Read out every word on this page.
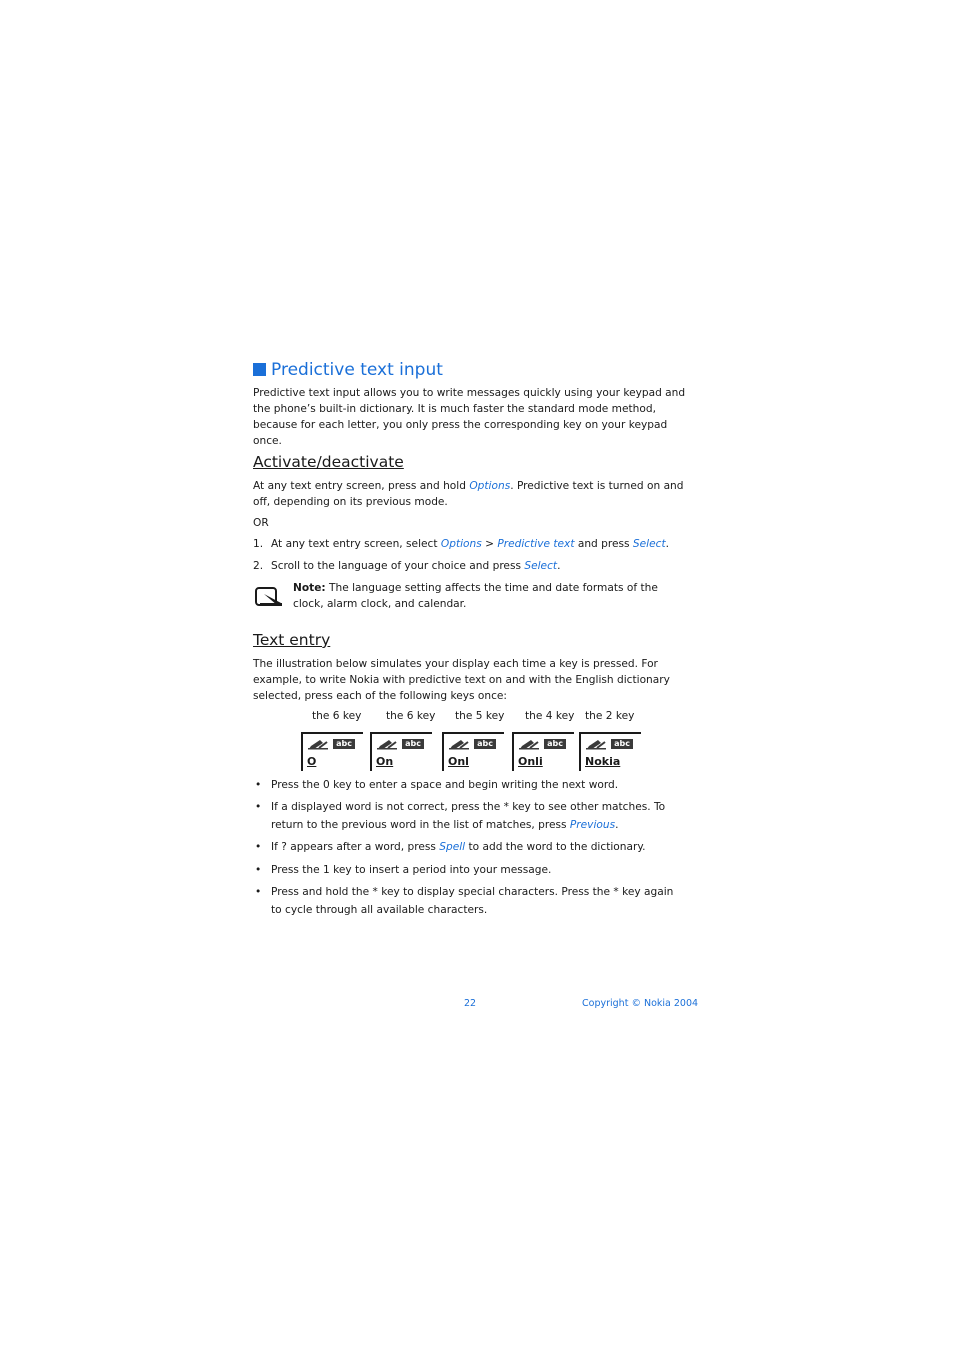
Predictive text input
Predictive text input allows you to write messages quickly using your keypad and the phone’s built-in dictionary. It is much faster the standard mode method, because for each letter, you only press the corresponding key on your keypad once.
Activate/deactivate
At any text entry screen, press and hold Options. Predictive text is turned on and off, depending on its previous mode.
OR
1. At any text entry screen, select Options > Predictive text and press Select.
2. Scroll to the language of your choice and press Select.
Note: The language setting affects the time and date formats of the clock, alarm clock, and calendar.
Text entry
The illustration below simulates your display each time a key is pressed. For example, to write Nokia with predictive text on and with the English dictionary selected, press each of the following keys once:
the 6 key the 6 key the 5 key the 4 key the 2 key
abc
O
abc
On
abc
Onl
abc
Onli
abc
Nokia
• Press the 0 key to enter a space and begin writing the next word.
• If a displayed word is not correct, press the * key to see other matches. To return to the previous word in the list of matches, press Previous.
• If ? appears after a word, press Spell to add the word to the dictionary.
• Press the 1 key to insert a period into your message.
• Press and hold the * key to display special characters. Press the * key again to cycle through all available characters.
22	Copyright © Nokia 2004
